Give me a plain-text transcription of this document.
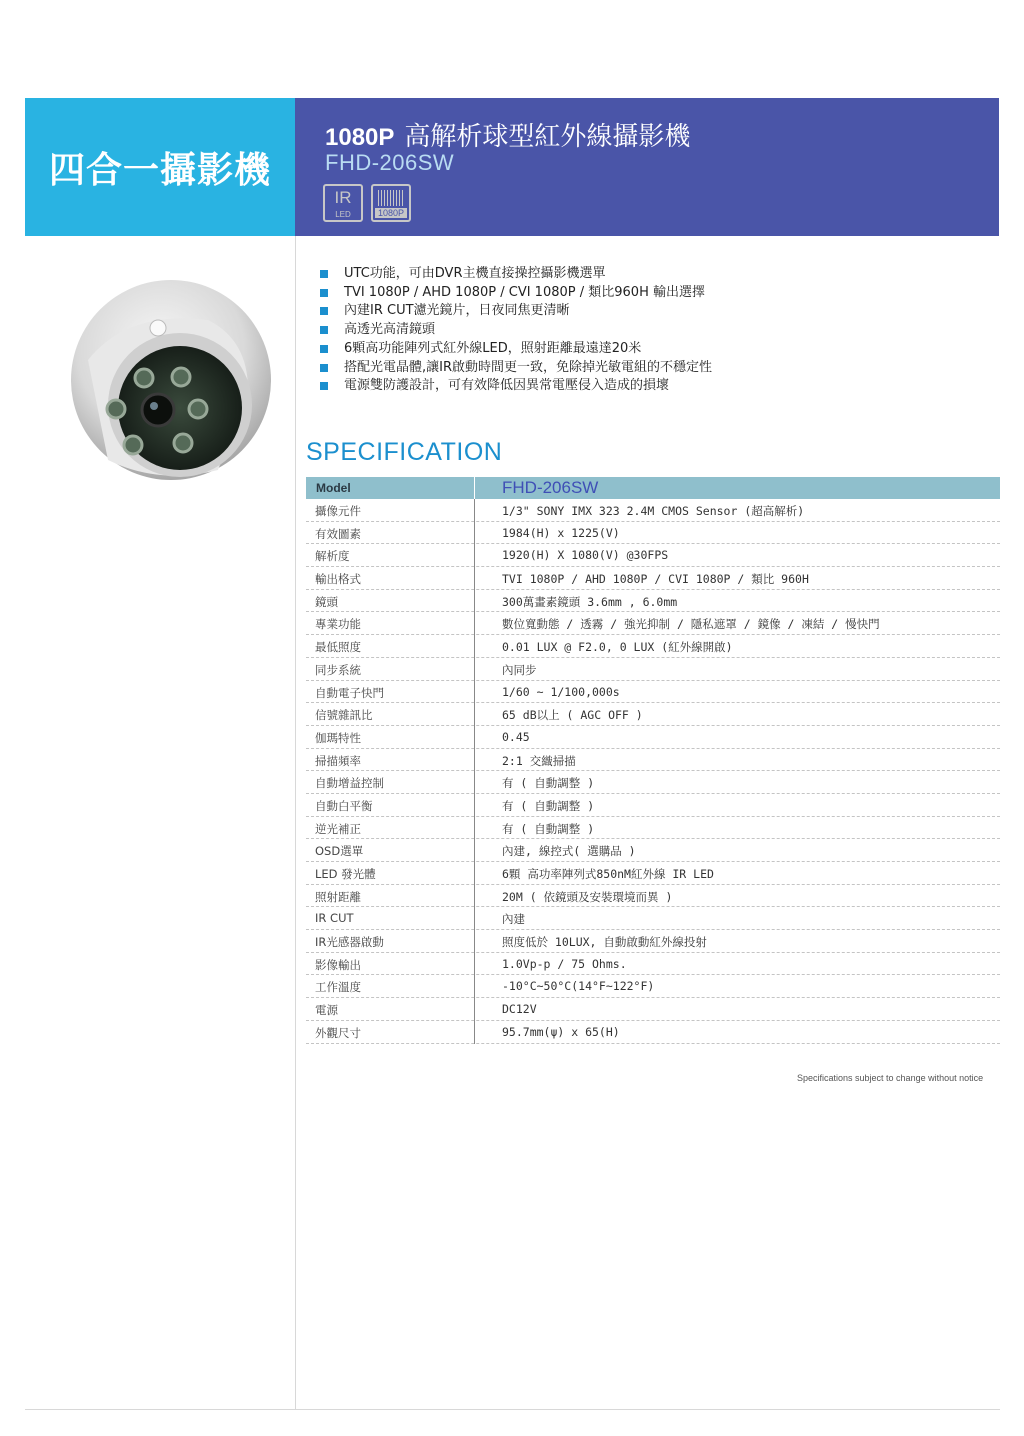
四合一攝影機
1080P 高解析球型紅外線攝影機
FHD-206SW
IR
LED	1080P
UTC功能，可由DVR主機直接操控攝影機選單
TVI 1080P / AHD 1080P / CVI 1080P / 類比960H 輸出選擇
內建IR CUT濾光鏡片，日夜同焦更清晰
高透光高清鏡頭
6顆高功能陣列式紅外線LED，照射距離最遠達20米
搭配光電晶體,讓IR啟動時間更一致，免除掉光敏電組的不穩定性
電源雙防護設計，可有效降低因異常電壓侵入造成的損壞
SPECIFICATION
Model	FHD-206SW
攝像元件	1/3" SONY IMX 323 2.4M CMOS Sensor (超高解析)
有效圖素	1984(H) x 1225(V)
解析度	1920(H) X 1080(V) @30FPS
輸出格式	TVI 1080P / AHD 1080P / CVI 1080P / 類比 960H
鏡頭	300萬畫素鏡頭 3.6mm , 6.0mm
專業功能	數位寬動態 / 透霧 / 強光抑制 / 隱私遮罩 / 鏡像 / 凍結 / 慢快門
最低照度	0.01 LUX @ F2.0, 0 LUX (紅外線開啟)
同步系統	內同步
自動電子快門	1/60 ~ 1/100,000s
信號雜訊比	65 dB以上 ( AGC OFF )
伽瑪特性	0.45
掃描頻率	2:1 交織掃描
自動增益控制	有 ( 自動調整 )
自動白平衡	有 ( 自動調整 )
逆光補正	有 ( 自動調整 )
OSD選單	內建, 線控式( 選購品 )
LED 發光體	6顆 高功率陣列式850nM紅外線 IR LED
照射距離	20M ( 依鏡頭及安裝環境而異 )
IR CUT	內建
IR光感器啟動	照度低於 10LUX, 自動啟動紅外線投射
影像輸出	1.0Vp-p / 75 Ohms.
工作溫度	-10°C~50°C(14°F~122°F)
電源	DC12V
外觀尺寸	95.7mm(ψ) x 65(H)
Specifications subject to change without notice
